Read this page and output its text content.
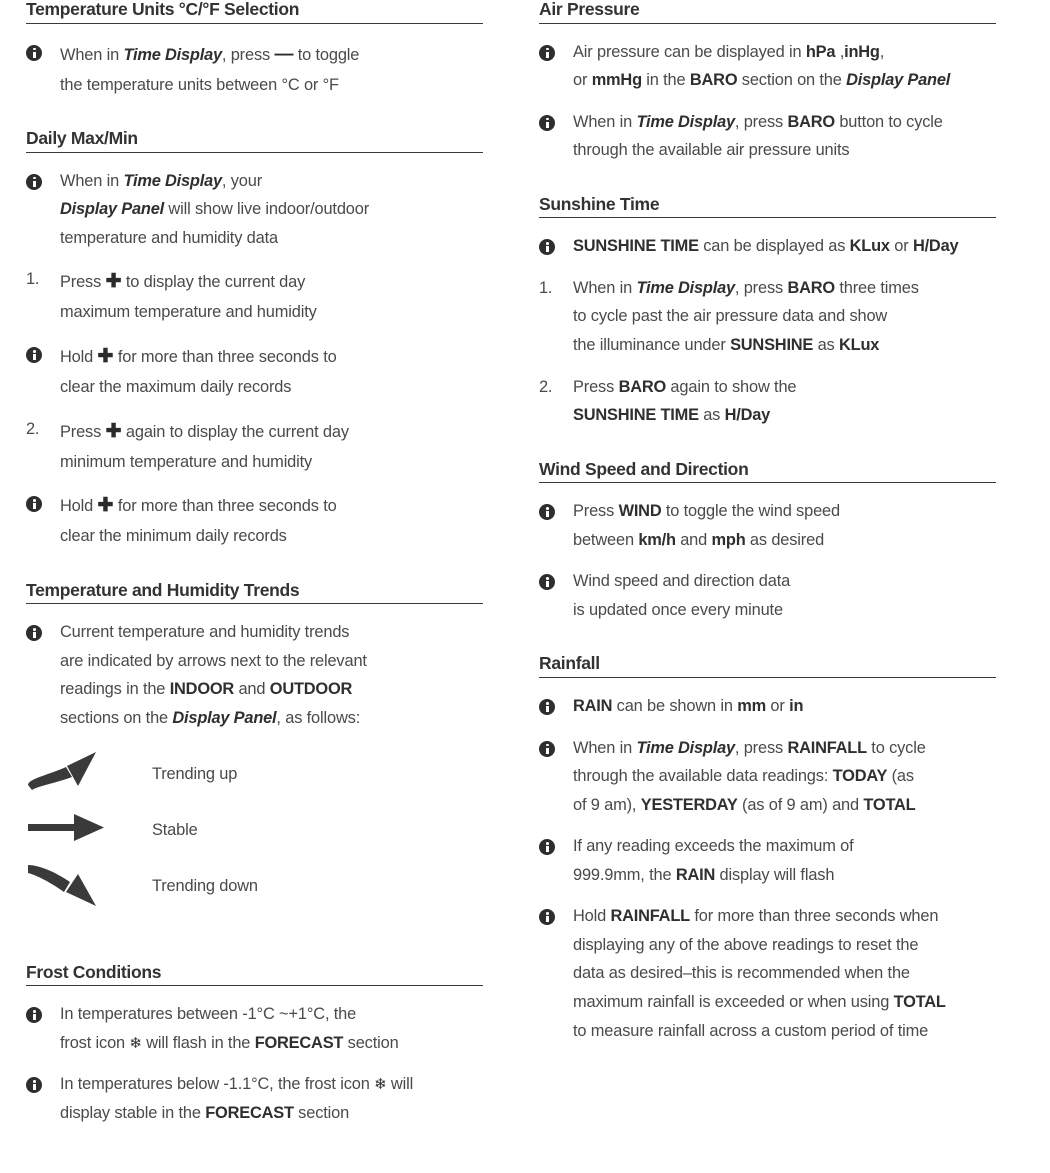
Temperature Units °C/°F Selection
When in Time Display, press — to toggle
the temperature units between °C or °F
Daily Max/Min
When in Time Display, your
Display Panel will show live indoor/outdoor
temperature and humidity data
1. Press ✚ to display the current day
maximum temperature and humidity
Hold ✚ for more than three seconds to
clear the maximum daily records
2. Press ✚ again to display the current day
minimum temperature and humidity
Hold ✚ for more than three seconds to
clear the minimum daily records
Temperature and Humidity Trends
Current temperature and humidity trends
are indicated by arrows next to the relevant
readings in the INDOOR and OUTDOOR
sections on the Display Panel, as follows:
Trending up
Stable
Trending down
Frost Conditions
In temperatures between -1°C ~+1°C, the
frost icon ❄ will flash in the FORECAST section
In temperatures below -1.1°C, the frost icon ❄ will
display stable in the FORECAST section
Air Pressure
Air pressure can be displayed in hPa ,inHg,
or mmHg in the BARO section on the Display Panel
When in Time Display, press BARO button to cycle
through the available air pressure units
Sunshine Time
SUNSHINE TIME can be displayed as KLux or H/Day
1. When in Time Display, press BARO three times
to cycle past the air pressure data and show
the illuminance under SUNSHINE as KLux
2. Press BARO again to show the
SUNSHINE TIME as H/Day
Wind Speed and Direction
Press WIND to toggle the wind speed
between km/h and mph as desired
Wind speed and direction data
is updated once every minute
Rainfall
RAIN can be shown in mm or in
When in Time Display, press RAINFALL to cycle
through the available data readings: TODAY (as
of 9 am), YESTERDAY (as of 9 am) and TOTAL
If any reading exceeds the maximum of
999.9mm, the RAIN display will flash
Hold RAINFALL for more than three seconds when
displaying any of the above readings to reset the
data as desired–this is recommended when the
maximum rainfall is exceeded or when using TOTAL
to measure rainfall across a custom period of time
